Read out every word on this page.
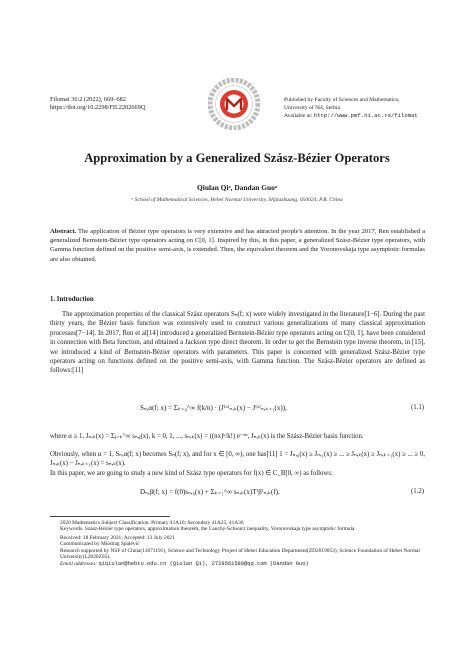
Filomat 36:2 (2022), 669–682
https://doi.org/10.2298/FIL2202669Q
Published by Faculty of Sciences and Mathematics,
University of Niš, Serbia
Available at: http://www.pmf.ni.ac.rs/filomat
Approximation by a Generalized Szász-Bézier Operators
Qiulan Qiᵃ, Dandan Guoᵃ
ᵃ School of Mathematical Sciences, Hebei Normal University, Shijiazhuang, 050024, P.R. China
Abstract. The application of Bézier type operators is very extensive and has attracted people's attention. In the year 2017, Ren established a generalized Bernstein-Bézier type operators acting on C[0, 1]. Inspired by this, in this paper, a generalized Szász-Bézier type operators, with Gamma function defined on the positive semi-axis, is extended. Then, the equivalent theorem and the Voronovskaja type asymptotic formulas are also obtained.
1. Introduction
The approximation properties of the classical Szász operators Sₙ(f; x) were widely investigated in the literature[1−6]. During the past thirty years, the Bézier basis function was extensively used to construct various generalizations of many classical approximation processes[7−14]. In 2017, Ren et al[14] introduced a generalized Bernstein-Bézier type operators acting on C[0, 1], have been considered in connection with Beta function, and obtained a Jackson type direct theorem. In order to get the Bernstein type inverse theorem, in [15], we introduced a kind of Bernstein-Bézier operators with parameters. This paper is concerned with generalized Szász-Bézier type operators acting on functions defined on the positive semi-axis, with Gamma function. The Szász-Bézier operators are defined as follows:[11]
Sₙ,α(f; x) = Σₖ₌₀^∞ f(k/n) · (J⁽ᵅ⁾ₙ,ₖ(x) − J⁽ᵅ⁾ₙ,ₖ₊₁(x)),	(1.1)
where α ≥ 1, Jₙ,ₖ(x) = Σⱼ₌ₖ^∞ sₙ,ⱼ(x), k = 0, 1, ..., sₙ,ₖ(x) = ((nx)ᵏ/k!) e⁻ⁿˣ, Jₙ,ₖ(x) is the Szász-Bézier basis function.
Obviously, when α = 1, Sₙ,α(f; x) becomes Sₙ(f; x), and for x ∈ [0, ∞), one has[11] 1 = Jₙ,₀(x) ≥ Jₙ,₁(x) ≥ ... ≥ Jₙ,ₖ(x) ≥ Jₙ,ₖ₊₁(x) ≥ ... ≥ 0, Jₙ,ₖ(x) − Jₙ,ₖ₊₁(x) = sₙ,ₖ(x).
In this paper, we are going to study a new kind of Szász type operators for f(x) ∈ C_B[0, ∞) as follows:
Dₙ,β(f; x) = f(0)sₙ,₀(x) + Σₖ₌₁^∞ sₙ,ₖ(x)T⁽β⁾ₙ,ₖ(f),	(1.2)
2020 Mathematics Subject Classification. Primary 41A10; Secondary 41A25, 41A36
Keywords. Szász-Bézier type operators, approximation theorem, the Cauchy-Schwarz inequality, Voronovskaja type asymptotic formula
Received: 18 February 2021; Accepted: 13 July 2021
Communicated by Miodrag Spalević
Research supported by NSF of China(11871191), Science and Technology Project of Hebei Education Department(ZD2019053), Science Foundation of Hebei Normal University(L2020Z05).
Email addresses: qiqiulan@hebtu.edu.cn (Qiulan Qi), 2728561588@qq.com (Dandan Guo)
